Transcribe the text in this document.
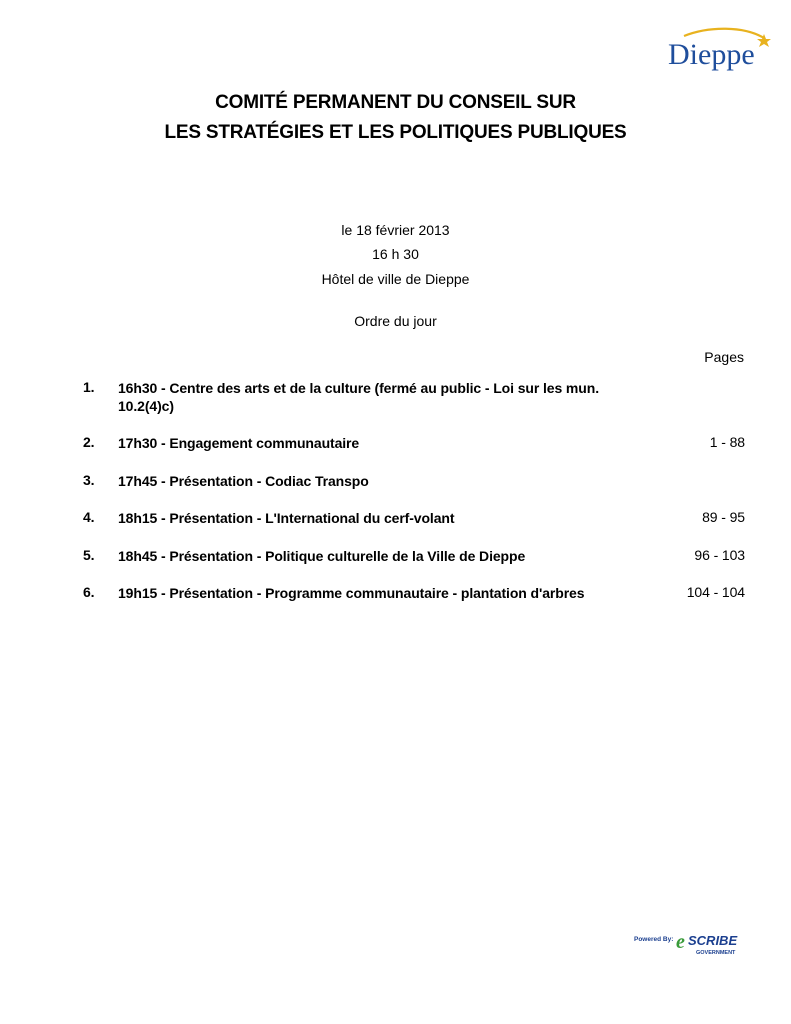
Dieppe
COMITÉ PERMANENT DU CONSEIL SUR
LES STRATÉGIES ET LES POLITIQUES PUBLIQUES
le 18 février 2013
16 h 30
Hôtel de ville de Dieppe
Ordre du jour
Pages
1. 16h30 - Centre des arts et de la culture (fermé au public - Loi sur les mun. 10.2(4)c)
2. 17h30 - Engagement communautaire	1 - 88
3. 17h45 - Présentation - Codiac Transpo
4. 18h15 - Présentation - L'International du cerf-volant	89 - 95
5. 18h45 - Présentation - Politique culturelle de la Ville de Dieppe	96 - 103
6. 19h15 - Présentation - Programme communautaire - plantation d'arbres	104 - 104
Powered By: e SCRIBE
GOVERNMENT
